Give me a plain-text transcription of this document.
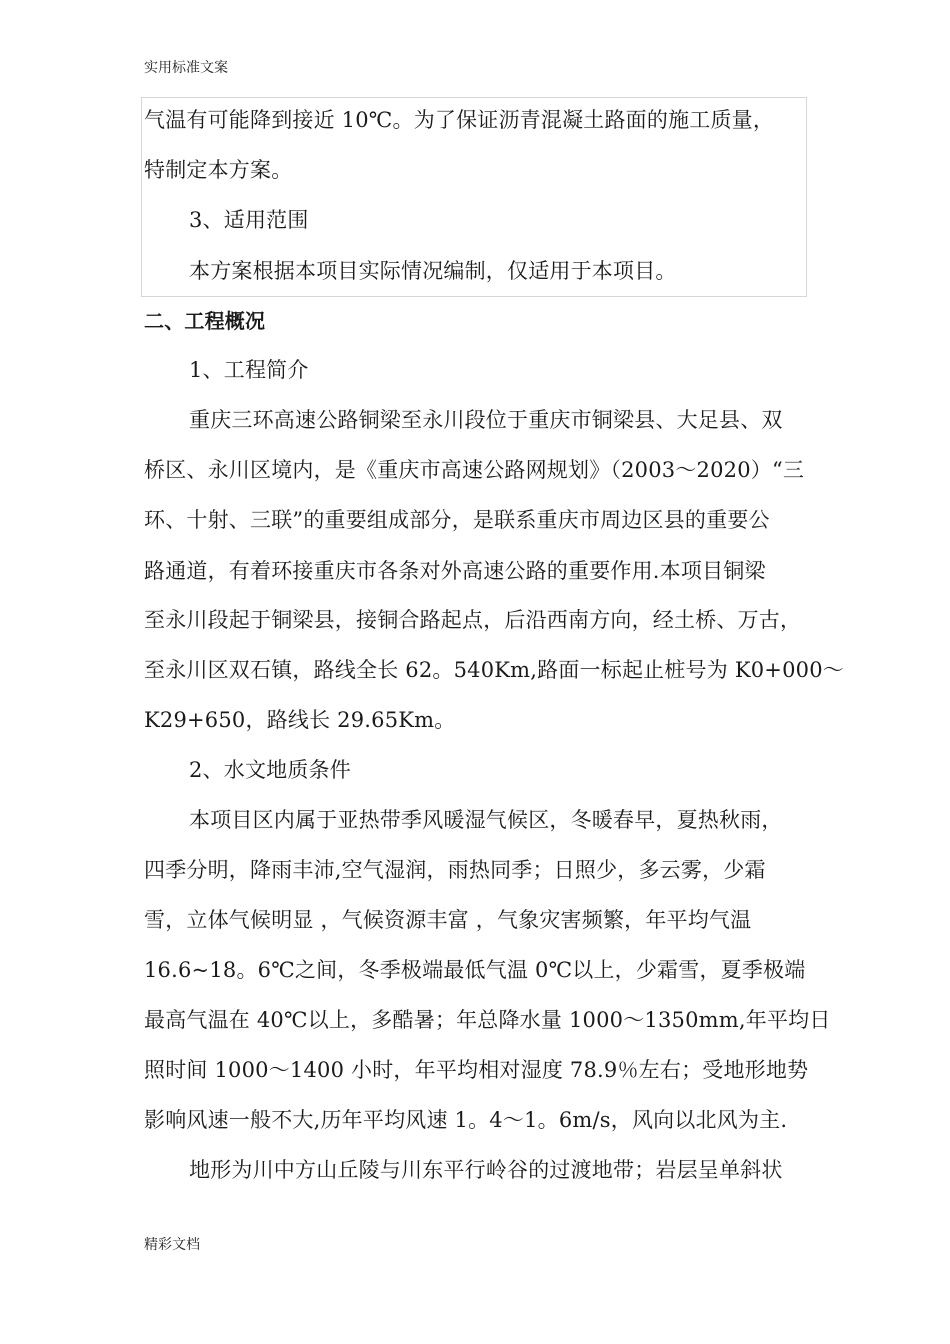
实用标准文案
气温有可能降到接近 10℃。为了保证沥青混凝土路面的施工质量，
特制定本方案。
3、适用范围
本方案根据本项目实际情况编制，仅适用于本项目。
二、工程概况
1、工程简介
重庆三环高速公路铜梁至永川段位于重庆市铜梁县、大足县、双
桥区、永川区境内，是《重庆市高速公路网规划》（2003～2020）“三
环、十射、三联”的重要组成部分，是联系重庆市周边区县的重要公
路通道，有着环接重庆市各条对外高速公路的重要作用.本项目铜梁
至永川段起于铜梁县，接铜合路起点，后沿西南方向，经土桥、万古，
至永川区双石镇，路线全长 62。540Km,路面一标起止桩号为 K0+000～
K29+650，路线长 29.65Km。
2、水文地质条件
本项目区内属于亚热带季风暖湿气候区，冬暖春早，夏热秋雨，
四季分明，降雨丰沛,空气湿润，雨热同季；日照少，多云雾，少霜
雪，立体气候明显 ，气候资源丰富 ，气象灾害频繁，年平均气温
16.6~18。6℃之间，冬季极端最低气温 0℃以上，少霜雪，夏季极端
最高气温在 40℃以上，多酷暑；年总降水量 1000～1350mm,年平均日
照时间 1000～1400 小时，年平均相对湿度 78.9％左右；受地形地势
影响风速一般不大,历年平均风速 1。4～1。6m/s，风向以北风为主.
地形为川中方山丘陵与川东平行岭谷的过渡地带；岩层呈单斜状
精彩文档
